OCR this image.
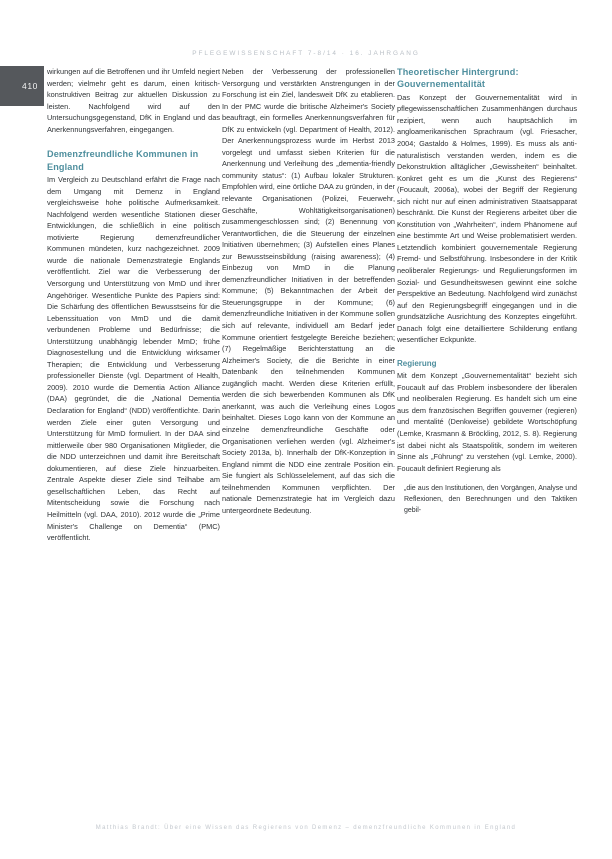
PFLEGEWISSENSCHAFT 7-8/14 · 16. JAHRGANG
410

wirkungen auf die Betroffenen und ihr Umfeld negiert werden; vielmehr geht es darum, einen kritisch-konstruktiven Beitrag zur aktuellen Diskussion zu leisten. Nachfolgend wird auf den Untersuchungsgegenstand, DfK in England und das Anerkennungsverfahren, eingegangen.

Demenzfreundliche Kommunen in England

Im Vergleich zu Deutschland erfährt die Frage nach dem Umgang mit Demenz in England vergleichsweise hohe politische Aufmerksamkeit. Nachfolgend werden wesentliche Stationen dieser Entwicklungen, die schließlich in eine politisch motivierte Regierung demenzfreundlicher Kommunen mündeten, kurz nachgezeichnet. 2009 wurde die nationale Demenzstrategie Englands veröffentlicht. Ziel war die Verbesserung der Versorgung und Unterstützung von MmD und ihrer Angehöriger. Wesentliche Punkte des Papiers sind: Die Schärfung des öffentlichen Bewusstseins für die Lebenssituation von MmD und die damit verbundenen Probleme und Bedürfnisse; die Unterstützung unabhängig lebender MmD; frühe Diagnosestellung und die Entwicklung wirksamer Therapien; die Entwicklung und Verbesserung professioneller Dienste (vgl. Department of Health, 2009). 2010 wurde die Dementia Action Alliance (DAA) gegründet, die die „National Dementia Declaration for England“ (NDD) veröffentlichte. Darin werden Ziele einer guten Versorgung und Unterstützung für MmD formuliert. In der DAA sind mittlerweile über 980 Organisationen Mitglieder, die die NDD unterzeichnen und damit ihre Bereitschaft dokumentieren, auf diese Ziele hinzuarbeiten. Zentrale Aspekte dieser Ziele sind Teilhabe am gesellschaftlichen Leben, das Recht auf Mitentscheidung sowie die Forschung nach Heilmitteln (vgl. DAA, 2010). 2012 wurde die „Prime Minister's Challenge on Dementia“ (PMC) veröffentlicht.

Neben der Verbesserung der professionellen Versorgung und verstärkten Anstrengungen in der Forschung ist ein Ziel, landesweit DfK zu etablieren. In der PMC wurde die britische Alzheimer's Society beauftragt, ein formelles Anerkennungsverfahren für DfK zu entwickeln (vgl. Department of Health, 2012). Der Anerkennungsprozess wurde im Herbst 2013 vorgelegt und umfasst sieben Kriterien für die Anerkennung und Verleihung des „dementia-friendly community status“: (1) Aufbau lokaler Strukturen. Empfohlen wird, eine örtliche DAA zu gründen, in der relevante Organisationen (Polizei, Feuerwehr, Geschäfte, Wohltätigkeitsorganisationen) zusammengeschlossen sind; (2) Benennung von Verantwortlichen, die die Steuerung der einzelnen Initiativen übernehmen; (3) Aufstellen eines Planes zur Bewusstseinsbildung (raising awareness); (4) Einbezug von MmD in die Planung demenzfreundlicher Initiativen in der betreffenden Kommune; (5) Bekanntmachen der Arbeit der Steuerungsgruppe in der Kommune; (6) demenzfreundliche Initiativen in der Kommune sollen sich auf relevante, individuell am Bedarf jeder Kommune orientiert festgelegte Bereiche beziehen; (7) Regelmäßige Berichterstattung an die Alzheimer's Society, die die Berichte in einer Datenbank den teilnehmenden Kommunen zugänglich macht. Werden diese Kriterien erfüllt, werden die sich bewerbenden Kommunen als DfK anerkannt, was auch die Verleihung eines Logos beinhaltet. Dieses Logo kann von der Kommune an einzelne demenzfreundliche Geschäfte oder Organisationen verliehen werden (vgl. Alzheimer's Society 2013a, b). Innerhalb der DfK-Konzeption in England nimmt die NDD eine zentrale Position ein. Sie fungiert als Schlüsselelement, auf das sich die teilnehmenden Kommunen verpflichten. Der nationale Demenzstrategie hat im Vergleich dazu untergeordnete Bedeutung.

Theoretischer Hintergrund: Gouvernementalität

Das Konzept der Gouvernementalität wird in pflegewissenschaftlichen Zusammenhängen durchaus rezipiert, wenn auch hauptsächlich im angloamerikanischen Sprachraum (vgl. Friesacher, 2004; Gastaldo & Holmes, 1999). Es muss als anti-naturalistisch verstanden werden, indem es die Dekonstruktion alltäglicher „Gewissheiten“ beinhaltet. Konkret geht es um die „Kunst des Regierens“ (Foucault, 2006a), wobei der Begriff der Regierung sich nicht nur auf einen administrativen Staatsapparat beschränkt. Die Kunst der Regierens arbeitet über die Konstitution von „Wahrheiten“, indem Phänomene auf eine bestimmte Art und Weise problematisiert werden. Letztendlich kombiniert gouvernementale Regierung Fremd- und Selbstführung. Insbesondere in der Kritik neoliberaler Regierungs- und Regulierungsformen im Sozial- und Gesundheitswesen gewinnt eine solche Perspektive an Bedeutung. Nachfolgend wird zunächst auf den Regierungsbegriff eingegangen und in die grundsätzliche Ausrichtung des Konzeptes eingeführt. Danach folgt eine detailliertere Schilderung entlang wesentlicher Eckpunkte.

Regierung

Mit dem Konzept „Gouvernementalität“ bezieht sich Foucault auf das Problem insbesondere der liberalen und neoliberalen Regierung. Es handelt sich um eine aus dem französischen Begriffen gouverner (regieren) und mentalité (Denkweise) gebildete Wortschöpfung (Lemke, Krasmann & Bröckling, 2012, S. 8). Regierung ist dabei nicht als Staatspolitik, sondern im weiteren Sinne als „Führung“ zu verstehen (vgl. Lemke, 2000). Foucault definiert Regierung als

„die aus den Institutionen, den Vorgängen, Analyse und Reflexionen, den Berechnungen und den Taktiken gebil-
Matthias Brandt: Über eine Wissen das Regierens von Demenz – demenzfreundliche Kommunen in England
